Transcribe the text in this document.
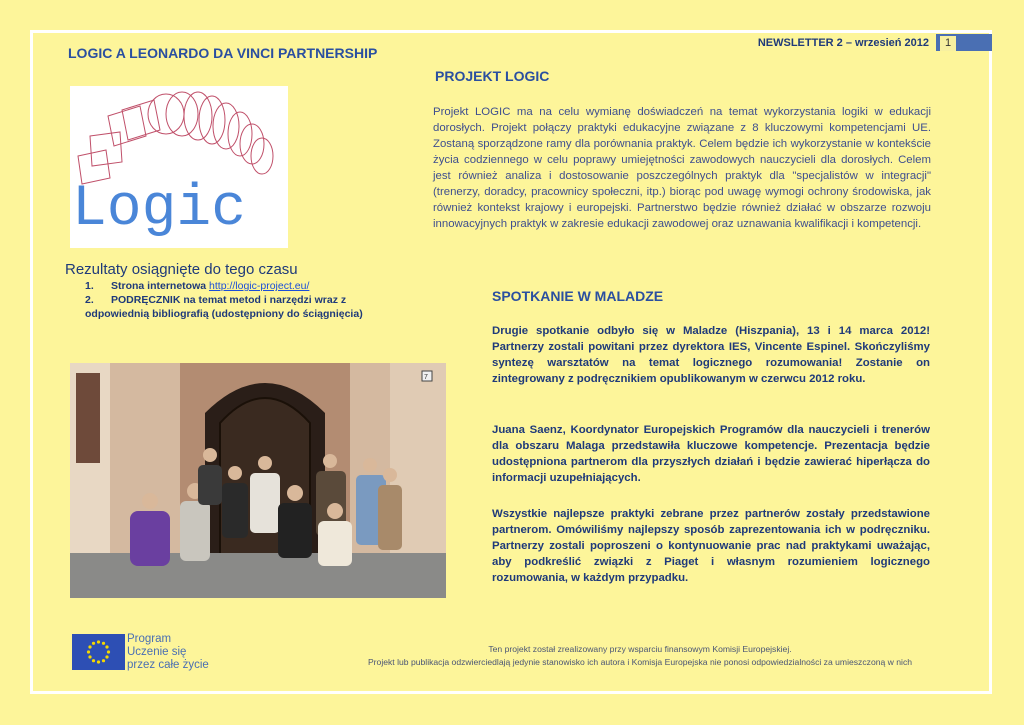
1
NEWSLETTER 2 – wrzesień 2012
LOGIC A LEONARDO DA VINCI PARTNERSHIP
Logic
Rezultaty osiągnięte do tego czasu
1. Strona internetowa http://logic-project.eu/
2. PODRĘCZNIK na temat metod i narzędzi wraz z odpowiednią bibliografią (udostępniony do ściągnięcia)
7
PROJEKT LOGIC
Projekt LOGIC ma na celu wymianę doświadczeń na temat wykorzystania logiki w edukacji dorosłych. Projekt połączy praktyki edukacyjne związane z 8 kluczowymi kompetencjami UE. Zostaną sporządzone ramy dla porównania praktyk. Celem będzie ich wykorzystanie w kontekście życia codziennego w celu poprawy umiejętności zawodowych nauczycieli dla dorosłych. Celem jest również analiza i dostosowanie poszczególnych praktyk dla "specjalistów w integracji" (trenerzy, doradcy, pracownicy społeczni, itp.) biorąc pod uwagę wymogi ochrony środowiska, jak również kontekst krajowy i europejski. Partnerstwo będzie również działać w obszarze rozwoju innowacyjnych praktyk w zakresie edukacji zawodowej oraz uznawania kwalifikacji i kompetencji.
SPOTKANIE W MALADZE
Drugie spotkanie odbyło się w Maladze (Hiszpania), 13 i 14 marca 2012! Partnerzy zostali powitani przez dyrektora IES, Vincente Espinel. Skończyliśmy syntezę warsztatów na temat logicznego rozumowania! Zostanie on zintegrowany z podręcznikiem opublikowanym w czerwcu 2012 roku.
Juana Saenz, Koordynator Europejskich Programów dla nauczycieli i trenerów dla obszaru Malaga przedstawiła kluczowe kompetencje. Prezentacja będzie udostępniona partnerom dla przyszłych działań i będzie zawierać hiperłącza do informacji uzupełniających.
Wszystkie najlepsze praktyki zebrane przez partnerów zostały przedstawione partnerom. Omówiliśmy najlepszy sposób zaprezentowania ich w podręczniku. Partnerzy zostali poproszeni o kontynuowanie prac nad praktykami uważając, aby podkreślić związki z Piaget i własnym rozumieniem logicznego rozumowania, w każdym przypadku.
Program
Uczenie się
przez całe życie
Ten projekt został zrealizowany przy wsparciu finansowym Komisji Europejskiej.
Projekt lub publikacja odzwierciedlają jedynie stanowisko ich autora i Komisja Europejska nie ponosi odpowiedzialności za umieszczoną w nich
